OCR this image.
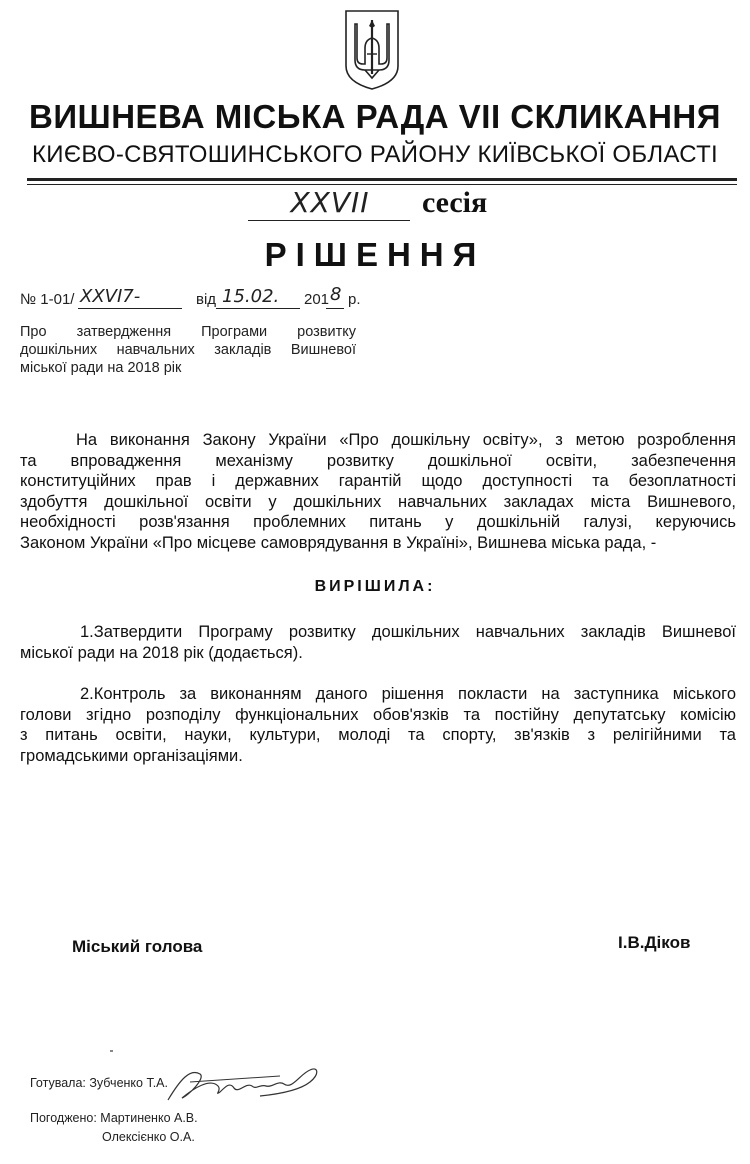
ВИШНЕВА МІСЬКА РАДА VII СКЛИКАННЯ
КИЄВО-СВЯТОШИНСЬКОГО РАЙОНУ КИЇВСЬКОЇ ОБЛАСТІ
XXVII	сесія
РІШЕННЯ
№ 1-01/ XXVI7-	від 15.02. 201 8 р.
Про затвердження Програми розвитку
дошкільних навчальних закладів Вишневої
міської ради на 2018 рік
На виконання Закону України «Про дошкільну освіту», з метою розроблення
та впровадження механізму розвитку дошкільної освіти, забезпечення
конституційних прав і державних гарантій щодо доступності та безоплатності
здобуття дошкільної освіти у дошкільних навчальних закладах міста Вишневого,
необхідності розв'язання проблемних питань у дошкільній галузі, керуючись
Законом України «Про місцеве самоврядування в Україні», Вишнева міська рада, -
ВИРІШИЛА:
1.Затвердити Програму розвитку дошкільних навчальних закладів Вишневої
міської ради на 2018 рік (додається).
2.Контроль за виконанням даного рішення покласти на заступника міського
голови згідно розподілу функціональних обов'язків та постійну депутатську комісію
з питань освіти, науки, культури, молоді та спорту, зв'язків з релігійними та
громадськими організаціями.
Міський голова	І.В.Діков
Готувала: Зубченко Т.А.
Погоджено: Мартиненко А.В.
Олексієнко О.А.
